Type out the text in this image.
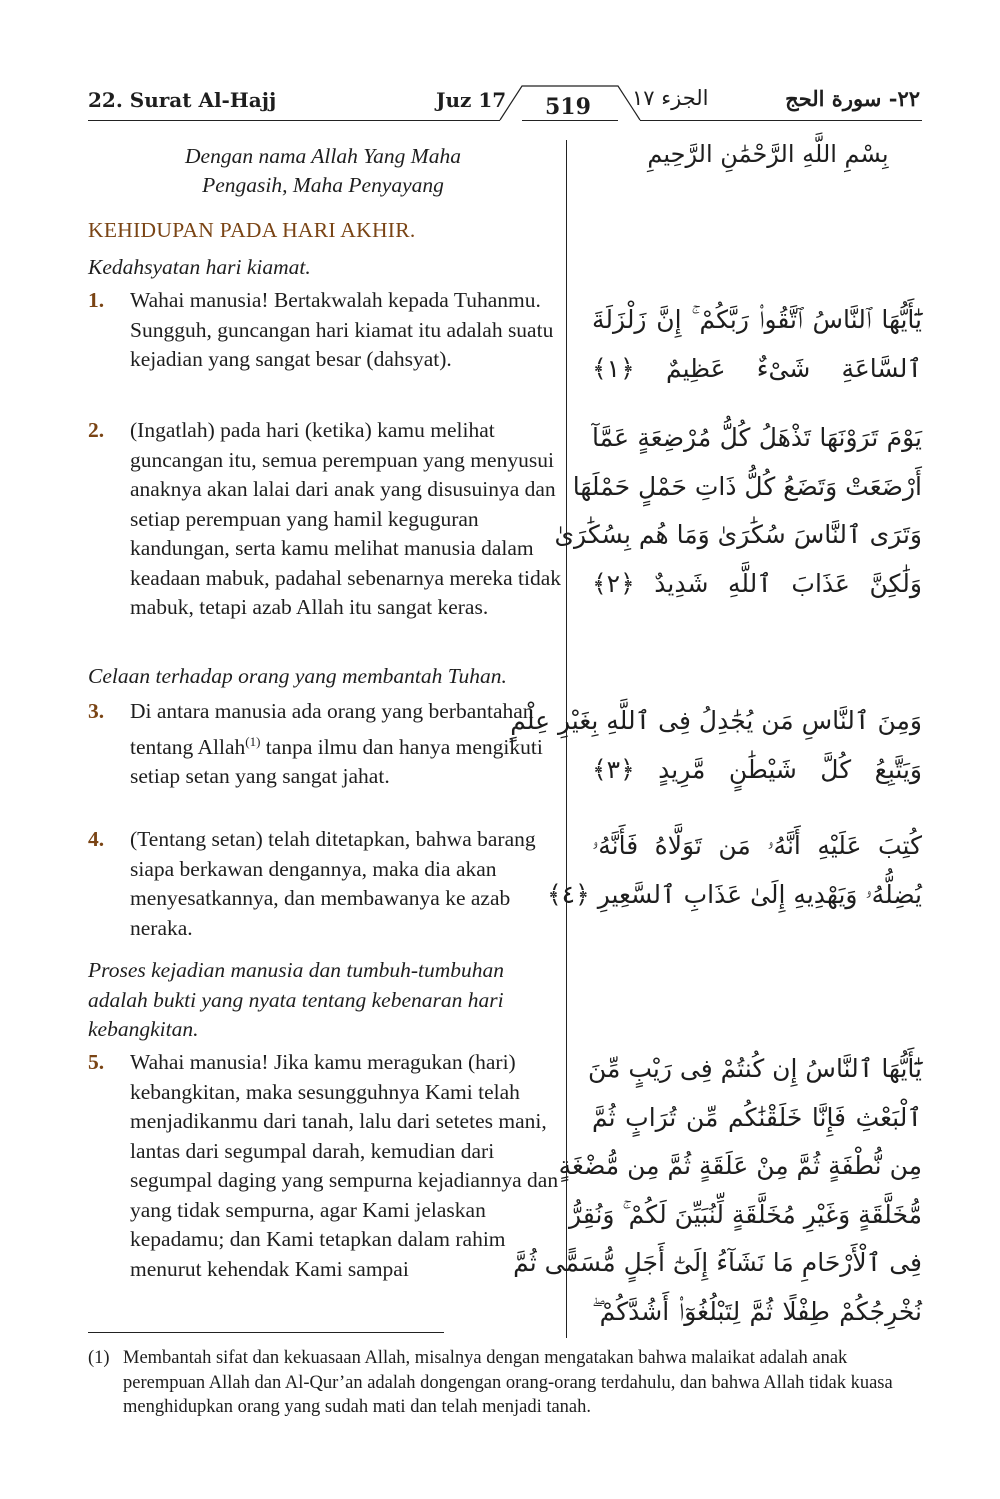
22. Surat Al-Hajj	Juz 17 519 الجزء ١٧	٢٢- سورة الحج
Dengan nama Allah Yang Maha
Pengasih, Maha Penyayang
بِسْمِ اللَّهِ الرَّحْمَٰنِ الرَّحِيمِ
KEHIDUPAN PADA HARI AKHIR.
Kedahsyatan hari kiamat.
1. Wahai manusia! Bertakwalah kepada Tuhanmu. Sungguh, guncangan hari kiamat itu adalah suatu kejadian yang sangat besar (dahsyat).
يَٰٓأَيُّهَا ٱلنَّاسُ ٱتَّقُوا۟ رَبَّكُمْ ۚ إِنَّ زَلْزَلَةَ
ٱلسَّاعَةِ شَىْءٌ عَظِيمٌ ﴿١﴾
2. (Ingatlah) pada hari (ketika) kamu melihat guncangan itu, semua perempuan yang menyusui anaknya akan lalai dari anak yang disusuinya dan setiap perempuan yang hamil keguguran kandungan, serta kamu melihat manusia dalam keadaan mabuk, padahal sebenarnya mereka tidak mabuk, tetapi azab Allah itu sangat keras.
يَوْمَ تَرَوْنَهَا تَذْهَلُ كُلُّ مُرْضِعَةٍ عَمَّآ
أَرْضَعَتْ وَتَضَعُ كُلُّ ذَاتِ حَمْلٍ حَمْلَهَا
وَتَرَى ٱلنَّاسَ سُكَٰرَىٰ وَمَا هُم بِسُكَٰرَىٰ
وَلَٰكِنَّ عَذَابَ ٱللَّهِ شَدِيدٌ ﴿٢﴾
Celaan terhadap orang yang membantah Tuhan.
3. Di antara manusia ada orang yang berbantahan tentang Allah$^{(1)}$ tanpa ilmu dan hanya mengikuti setiap setan yang sangat jahat.
وَمِنَ ٱلنَّاسِ مَن يُجَٰدِلُ فِى ٱللَّهِ بِغَيْرِ عِلْمٍ
وَيَتَّبِعُ كُلَّ شَيْطَٰنٍ مَّرِيدٍ ﴿٣﴾
4. (Tentang setan) telah ditetapkan, bahwa barang siapa berkawan dengannya, maka dia akan menyesatkannya, dan membawanya ke azab neraka.
كُتِبَ عَلَيْهِ أَنَّهُۥ مَن تَوَلَّاهُ فَأَنَّهُۥ
يُضِلُّهُۥ وَيَهْدِيهِ إِلَىٰ عَذَابِ ٱلسَّعِيرِ ﴿٤﴾
Proses kejadian manusia dan tumbuh-tumbuhan adalah bukti yang nyata tentang kebenaran hari kebangkitan.
5. Wahai manusia! Jika kamu meragukan (hari) kebangkitan, maka sesungguhnya Kami telah menjadikanmu dari tanah, lalu dari setetes mani, lantas dari segumpal darah, kemudian dari segumpal daging yang sempurna kejadiannya dan yang tidak sempurna, agar Kami jelaskan kepadamu; dan Kami tetapkan dalam rahim menurut kehendak Kami sampai
يَٰٓأَيُّهَا ٱلنَّاسُ إِن كُنتُمْ فِى رَيْبٍ مِّنَ
ٱلْبَعْثِ فَإِنَّا خَلَقْنَٰكُم مِّن تُرَابٍ ثُمَّ
مِن نُّطْفَةٍ ثُمَّ مِنْ عَلَقَةٍ ثُمَّ مِن مُّضْغَةٍ
مُّخَلَّقَةٍ وَغَيْرِ مُخَلَّقَةٍ لِّنُبَيِّنَ لَكُمْ ۚ وَنُقِرُّ
فِى ٱلْأَرْحَامِ مَا نَشَآءُ إِلَىٰٓ أَجَلٍ مُّسَمًّى ثُمَّ
نُخْرِجُكُمْ طِفْلًا ثُمَّ لِتَبْلُغُوٓا۟ أَشُدَّكُمْ ۖ
(1) Membantah sifat dan kekuasaan Allah, misalnya dengan mengatakan bahwa malaikat adalah anak perempuan Allah dan Al-Qur’an adalah dongengan orang-orang terdahulu, dan bahwa Allah tidak kuasa menghidupkan orang yang sudah mati dan telah menjadi tanah.
